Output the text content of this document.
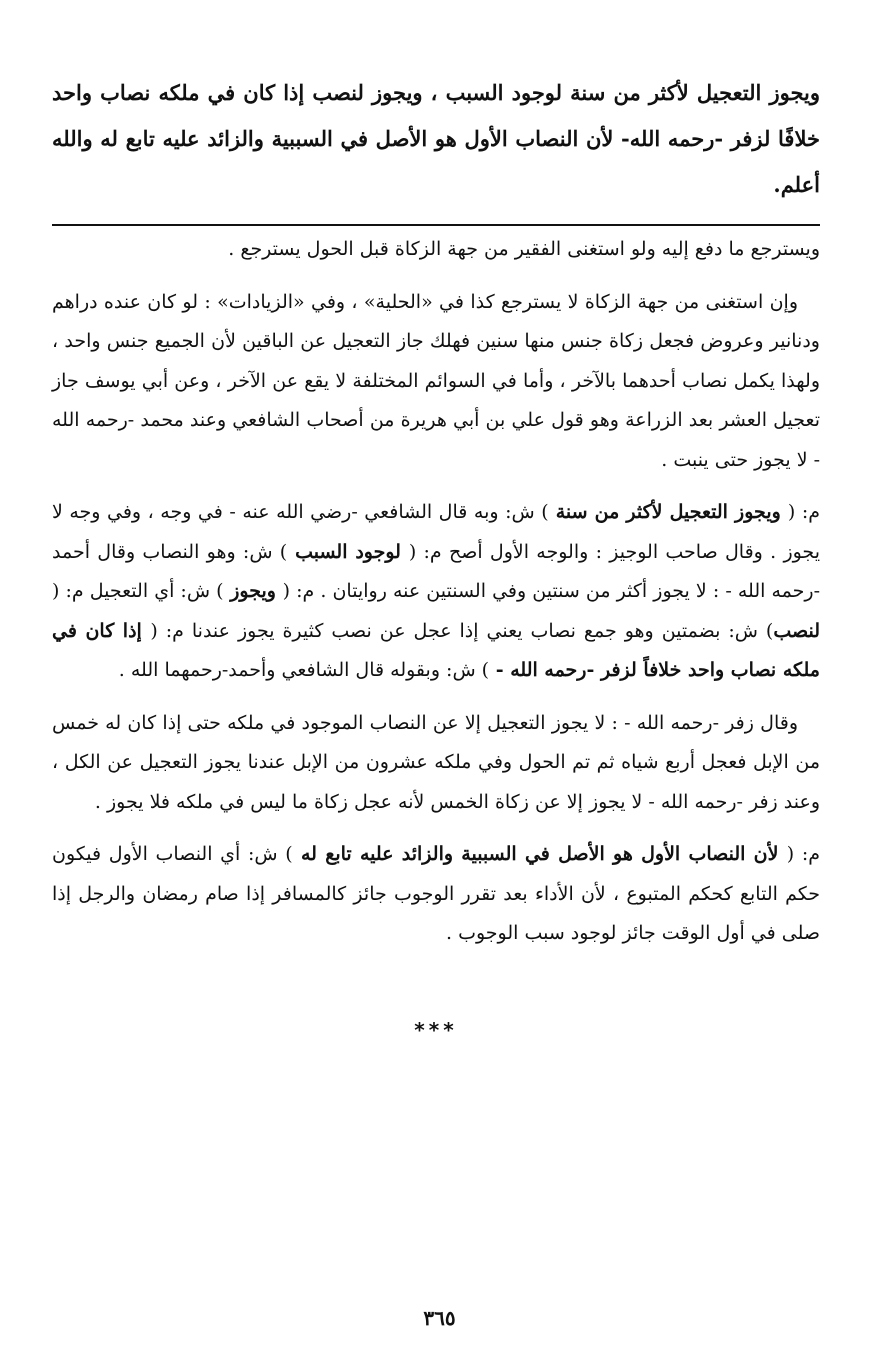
ويجوز التعجيل لأكثر من سنة لوجود السبب ، ويجوز لنصب إذا كان في ملكه نصاب واحد خلافًا لزفر -رحمه الله- لأن النصاب الأول هو الأصل في السببية والزائد عليه تابع له والله أعلم.

ويسترجع ما دفع إليه ولو استغنى الفقير من جهة الزكاة قبل الحول يسترجع .

وإن استغنى من جهة الزكاة لا يسترجع كذا في «الحلية» ، وفي «الزيادات» : لو كان عنده دراهم ودنانير وعروض فجعل زكاة جنس منها سنين فهلك جاز التعجيل عن الباقين لأن الجميع جنس واحد ، ولهذا يكمل نصاب أحدهما بالآخر ، وأما في السوائم المختلفة لا يقع عن الآخر ، وعن أبي يوسف جاز تعجيل العشر بعد الزراعة وهو قول علي بن أبي هريرة من أصحاب الشافعي وعند محمد -رحمه الله - لا يجوز حتى ينبت .

م: ( ويجوز التعجيل لأكثر من سنة ) ش: وبه قال الشافعي -رضي الله عنه - في وجه ، وفي وجه لا يجوز . وقال صاحب الوجيز : والوجه الأول أصح م: ( لوجود السبب ) ش: وهو النصاب وقال أحمد -رحمه الله - : لا يجوز أكثر من سنتين وفي السنتين عنه روايتان . م: ( ويجوز ) ش: أي التعجيل م: ( لنصب) ش: بضمتين وهو جمع نصاب يعني إذا عجل عن نصب كثيرة يجوز عندنا م: ( إذا كان في ملكه نصاب واحد خلافاً لزفر -رحمه الله - ) ش: وبقوله قال الشافعي وأحمد-رحمهما الله .

وقال زفر -رحمه الله - : لا يجوز التعجيل إلا عن النصاب الموجود في ملكه حتى إذا كان له خمس من الإبل فعجل أربع شياه ثم تم الحول وفي ملكه عشرون من الإبل عندنا يجوز التعجيل عن الكل ، وعند زفر -رحمه الله - لا يجوز إلا عن زكاة الخمس لأنه عجل زكاة ما ليس في ملكه فلا يجوز .

م: ( لأن النصاب الأول هو الأصل في السببية والزائد عليه تابع له ) ش: أي النصاب الأول فيكون حكم التابع كحكم المتبوع ، لأن الأداء بعد تقرر الوجوب جائز كالمسافر إذا صام رمضان والرجل إذا صلى في أول الوقت جائز لوجود سبب الوجوب .

***
٣٦٥
